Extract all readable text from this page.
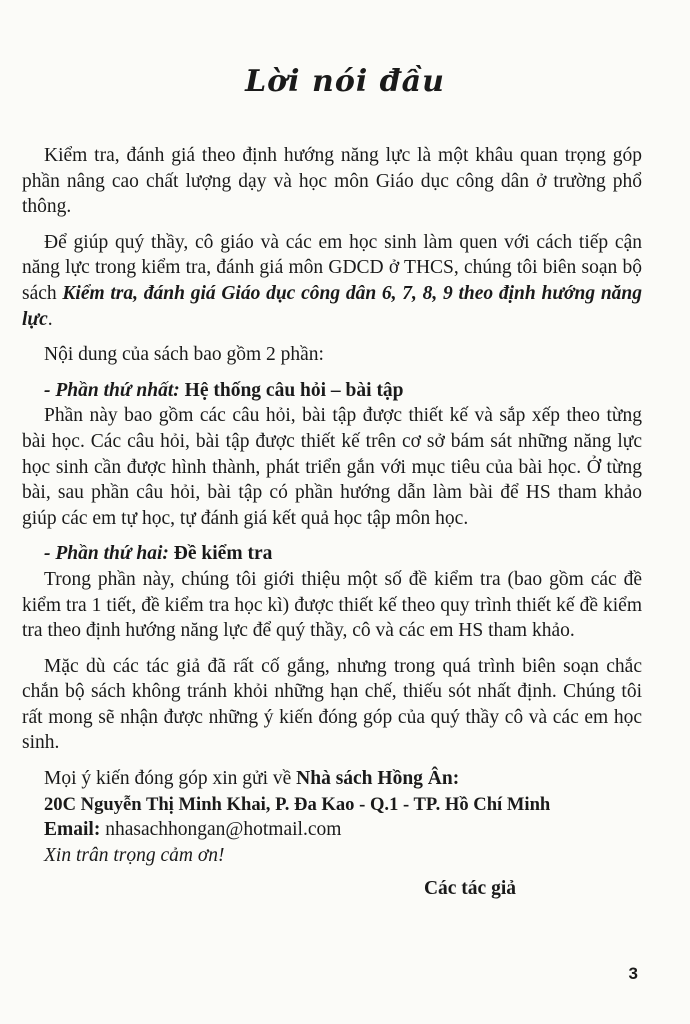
Lời nói đầu

Kiểm tra, đánh giá theo định hướng năng lực là một khâu quan trọng góp phần nâng cao chất lượng dạy và học môn Giáo dục công dân ở trường phổ thông.

Để giúp quý thầy, cô giáo và các em học sinh làm quen với cách tiếp cận năng lực trong kiểm tra, đánh giá môn GDCD ở THCS, chúng tôi biên soạn bộ sách Kiểm tra, đánh giá Giáo dục công dân 6, 7, 8, 9 theo định hướng năng lực.

Nội dung của sách bao gồm 2 phần:

- Phần thứ nhất: Hệ thống câu hỏi – bài tập

Phần này bao gồm các câu hỏi, bài tập được thiết kế và sắp xếp theo từng bài học. Các câu hỏi, bài tập được thiết kế trên cơ sở bám sát những năng lực học sinh cần được hình thành, phát triển gắn với mục tiêu của bài học. Ở từng bài, sau phần câu hỏi, bài tập có phần hướng dẫn làm bài để HS tham khảo giúp các em tự học, tự đánh giá kết quả học tập môn học.

- Phần thứ hai: Đề kiểm tra

Trong phần này, chúng tôi giới thiệu một số đề kiểm tra (bao gồm các đề kiểm tra 1 tiết, đề kiểm tra học kì) được thiết kế theo quy trình thiết kế đề kiểm tra theo định hướng năng lực để quý thầy, cô và các em HS tham khảo.

Mặc dù các tác giả đã rất cố gắng, nhưng trong quá trình biên soạn chắc chắn bộ sách không tránh khỏi những hạn chế, thiếu sót nhất định. Chúng tôi rất mong sẽ nhận được những ý kiến đóng góp của quý thầy cô và các em học sinh.

Mọi ý kiến đóng góp xin gửi về Nhà sách Hồng Ân:

20C Nguyễn Thị Minh Khai, P. Đa Kao - Q.1 - TP. Hồ Chí Minh

Email: nhasachhongan@hotmail.com

Xin trân trọng cảm ơn!

Các tác giả

3
